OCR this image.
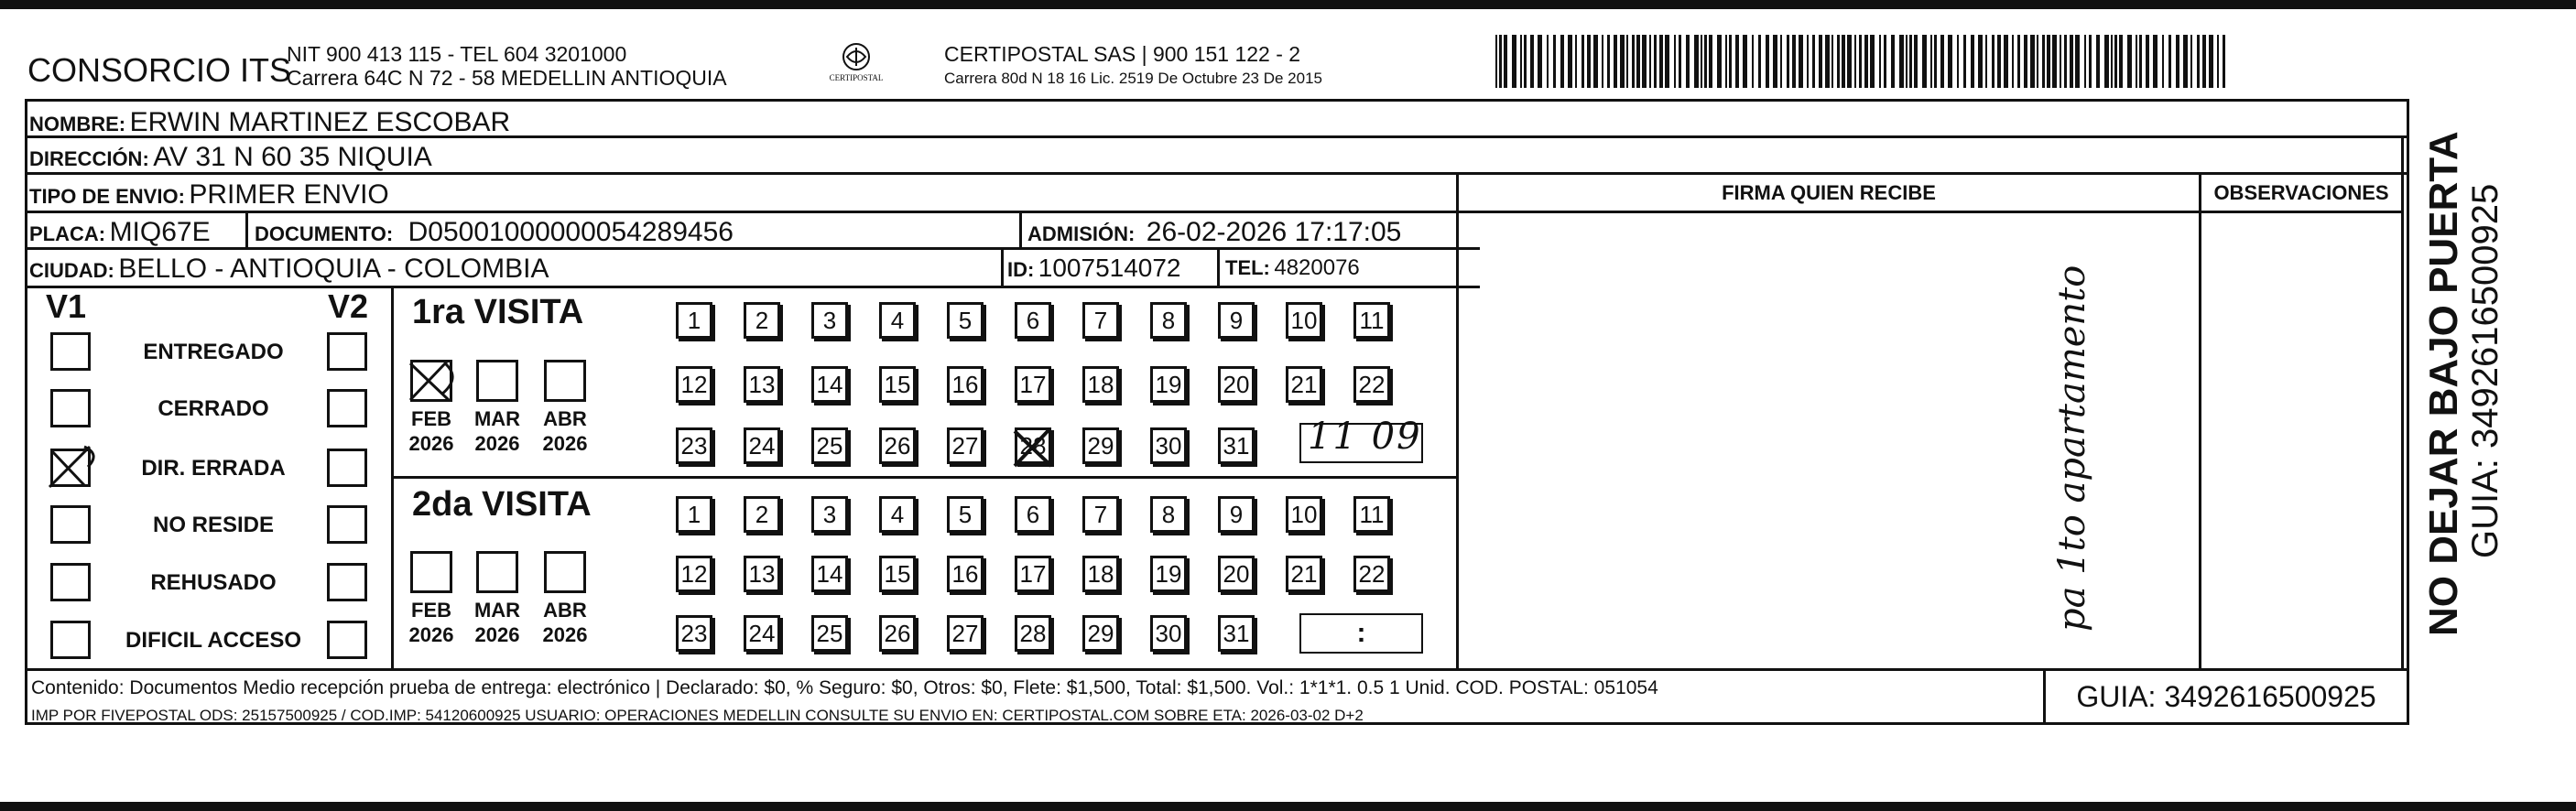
CONSORCIO ITS
NIT 900 413 115 - TEL 604 3201000
Carrera 64C N 72 - 58 MEDELLIN ANTIOQUIA	CERTIPOSTAL
CERTIPOSTAL SAS | 900 151 122 - 2
Carrera 80d N 18 16 Lic. 2519 De Octubre 23 De 2015
NOMBRE: ERWIN MARTINEZ ESCOBAR
DIRECCIÓN: AV 31 N 60 35 NIQUIA
TIPO DE ENVIO: PRIMER ENVIO
PLACA: MIQ67E DOCUMENTO: D05001000000054289456	ADMISIÓN: 26-02-2026 17:17:05
CIUDAD: BELLO - ANTIOQUIA - COLOMBIA	ID: 1007514072 TEL: 4820076
FIRMA QUIEN RECIBE	OBSERVACIONES
V1	V2
ENTREGADO
CERRADO
DIR. ERRADA
NO RESIDE
REHUSADO
DIFICIL ACCESO
1ra VISITA
2da VISITA
FEB
2026
MAR
2026
ABR
2026
FEB
2026
MAR
2026
ABR
2026
1	2	3	4	5	6	7	8	9	10 11
12 13 14 15 16 17 18 19 20 21 22
23 24 25 26 27 28 29 30 31
1	2	3	4	5	6	7	8	9	10 11
12 13 14 15 16 17 18 19 20 21 22
23 24 25 26 27 28 29 30 31	:
11 09	pa 1to apartamento	NO DEJAR BAJO PUERTA GUIA: 3492616500925
Contenido: Documentos Medio recepción prueba de entrega: electrónico | Declarado: $0, % Seguro: $0, Otros: $0, Flete: $1,500, Total: $1,500. Vol.: 1*1*1. 0.5 1 Unid. COD. POSTAL: 051054
IMP POR FIVEPOSTAL ODS: 25157500925 / COD.IMP: 54120600925 USUARIO: OPERACIONES MEDELLIN CONSULTE SU ENVIO EN: CERTIPOSTAL.COM SOBRE ETA: 2026-03-02 D+2
GUIA: 3492616500925
